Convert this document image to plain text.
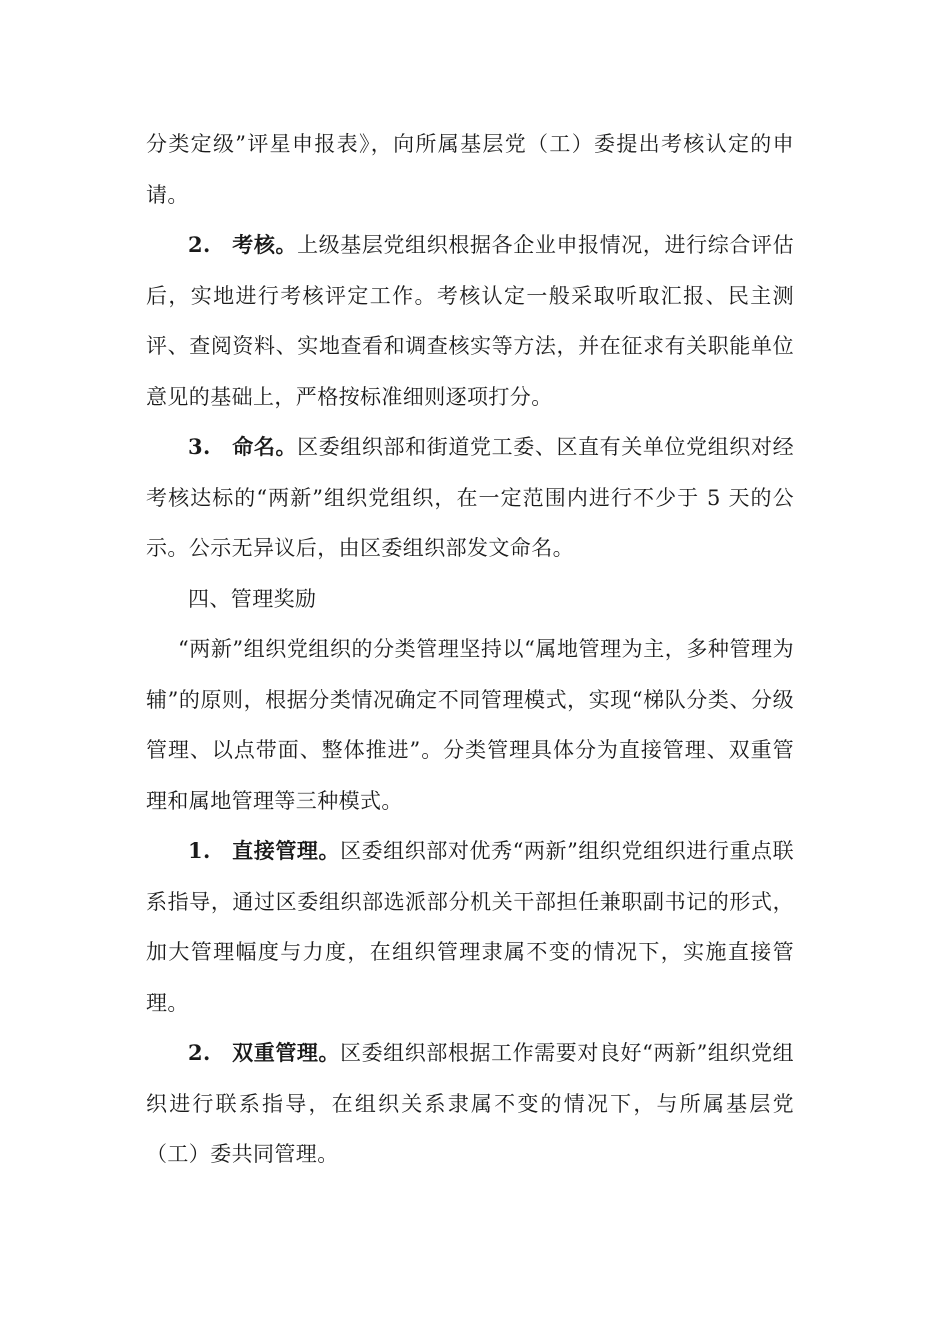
分类定级”评星申报表》，向所属基层党（工）委提出考核认定的申请。

2. 考核。上级基层党组织根据各企业申报情况，进行综合评估后，实地进行考核评定工作。考核认定一般采取听取汇报、民主测评、查阅资料、实地查看和调查核实等方法，并在征求有关职能单位意见的基础上，严格按标准细则逐项打分。

3. 命名。区委组织部和街道党工委、区直有关单位党组织对经考核达标的“两新”组织党组织，在一定范围内进行不少于 5 天的公示。公示无异议后，由区委组织部发文命名。

四、管理奖励

“两新”组织党组织的分类管理坚持以“属地管理为主，多种管理为辅”的原则，根据分类情况确定不同管理模式，实现“梯队分类、分级管理、以点带面、整体推进”。分类管理具体分为直接管理、双重管理和属地管理等三种模式。

1. 直接管理。区委组织部对优秀“两新”组织党组织进行重点联系指导，通过区委组织部选派部分机关干部担任兼职副书记的形式，加大管理幅度与力度，在组织管理隶属不变的情况下，实施直接管理。

2. 双重管理。区委组织部根据工作需要对良好“两新”组织党组织进行联系指导，在组织关系隶属不变的情况下，与所属基层党（工）委共同管理。
